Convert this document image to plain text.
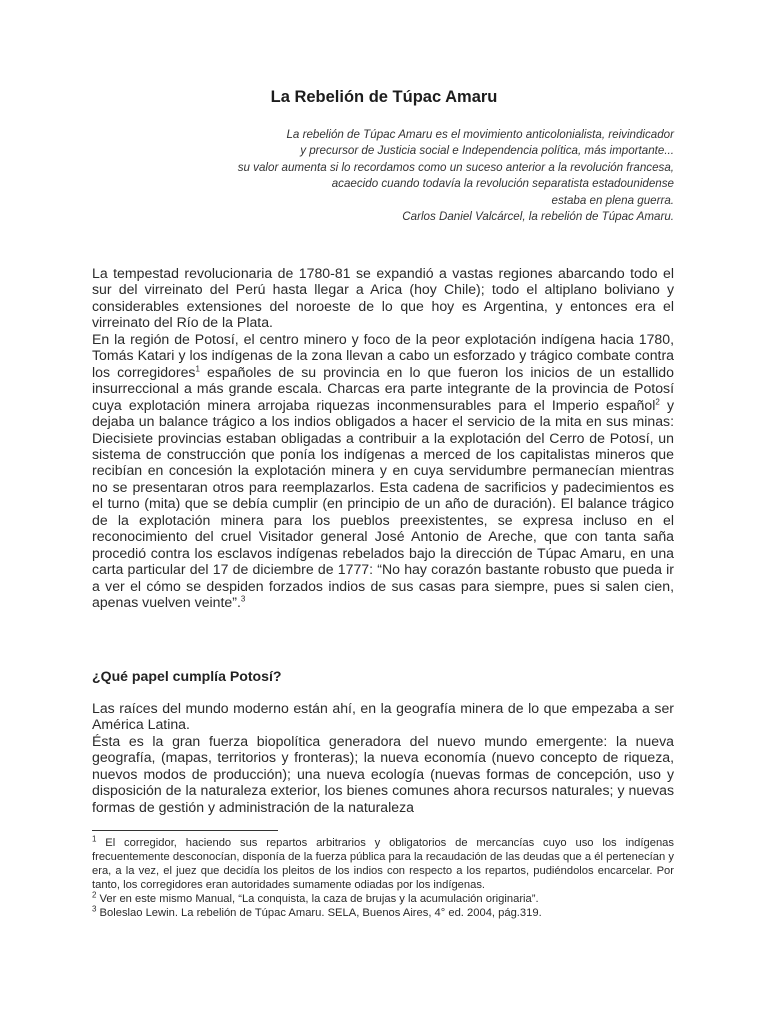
La Rebelión de Túpac Amaru
La rebelión de Túpac Amaru es el movimiento anticolonialista, reivindicador
y precursor de Justicia social e Independencia política, más importante...
su valor aumenta si lo recordamos como un suceso anterior a la revolución francesa,
acaecido cuando todavía la revolución separatista estadounidense
estaba en plena guerra.
Carlos Daniel Valcárcel, la rebelión de Túpac Amaru.

La tempestad revolucionaria de 1780-81 se expandió a vastas regiones abarcando todo el sur del virreinato del Perú hasta llegar a Arica (hoy Chile); todo el altiplano boliviano y considerables extensiones del noroeste de lo que hoy es Argentina, y entonces era el virreinato del Río de la Plata.

En la región de Potosí, el centro minero y foco de la peor explotación indígena hacia 1780, Tomás Katari y los indígenas de la zona llevan a cabo un esforzado y trágico combate contra los corregidores$^1$ españoles de su provincia en lo que fueron los inicios de un estallido insurreccional a más grande escala. Charcas era parte integrante de la provincia de Potosí cuya explotación minera arrojaba riquezas inconmensurables para el Imperio español$^2$ y dejaba un balance trágico a los indios obligados a hacer el servicio de la mita en sus minas: Diecisiete provincias estaban obligadas a contribuir a la explotación del Cerro de Potosí, un sistema de construcción que ponía los indígenas a merced de los capitalistas mineros que recibían en concesión la explotación minera y en cuya servidumbre permanecían mientras no se presentaran otros para reemplazarlos. Esta cadena de sacrificios y padecimientos es el turno (mita) que se debía cumplir (en principio de un año de duración). El balance trágico de la explotación minera para los pueblos preexistentes, se expresa incluso en el reconocimiento del cruel Visitador general José Antonio de Areche, que con tanta saña procedió contra los esclavos indígenas rebelados bajo la dirección de Túpac Amaru, en una carta particular del 17 de diciembre de 1777: “No hay corazón bastante robusto que pueda ir a ver el cómo se despiden forzados indios de sus casas para siempre, pues si salen cien, apenas vuelven veinte”.$^3$

¿Qué papel cumplía Potosí?

Las raíces del mundo moderno están ahí, en la geografía minera de lo que empezaba a ser América Latina.

Ésta es la gran fuerza biopolítica generadora del nuevo mundo emergente: la nueva geografía, (mapas, territorios y fronteras); la nueva economía (nuevo concepto de riqueza, nuevos modos de producción); una nueva ecología (nuevas formas de concepción, uso y disposición de la naturaleza exterior, los bienes comunes ahora recursos naturales; y nuevas formas de gestión y administración de la naturaleza

$^1$ El corregidor, haciendo sus repartos arbitrarios y obligatorios de mercancías cuyo uso los indígenas frecuentemente desconocían, disponía de la fuerza pública para la recaudación de las deudas que a él pertenecían y era, a la vez, el juez que decidía los pleitos de los indios con respecto a los repartos, pudiéndolos encarcelar. Por tanto, los corregidores eran autoridades sumamente odiadas por los indígenas.

$^2$ Ver en este mismo Manual, “La conquista, la caza de brujas y la acumulación originaria”.

$^3$ Boleslao Lewin. La rebelión de Túpac Amaru. SELA, Buenos Aires, 4° ed. 2004, pág.319.
